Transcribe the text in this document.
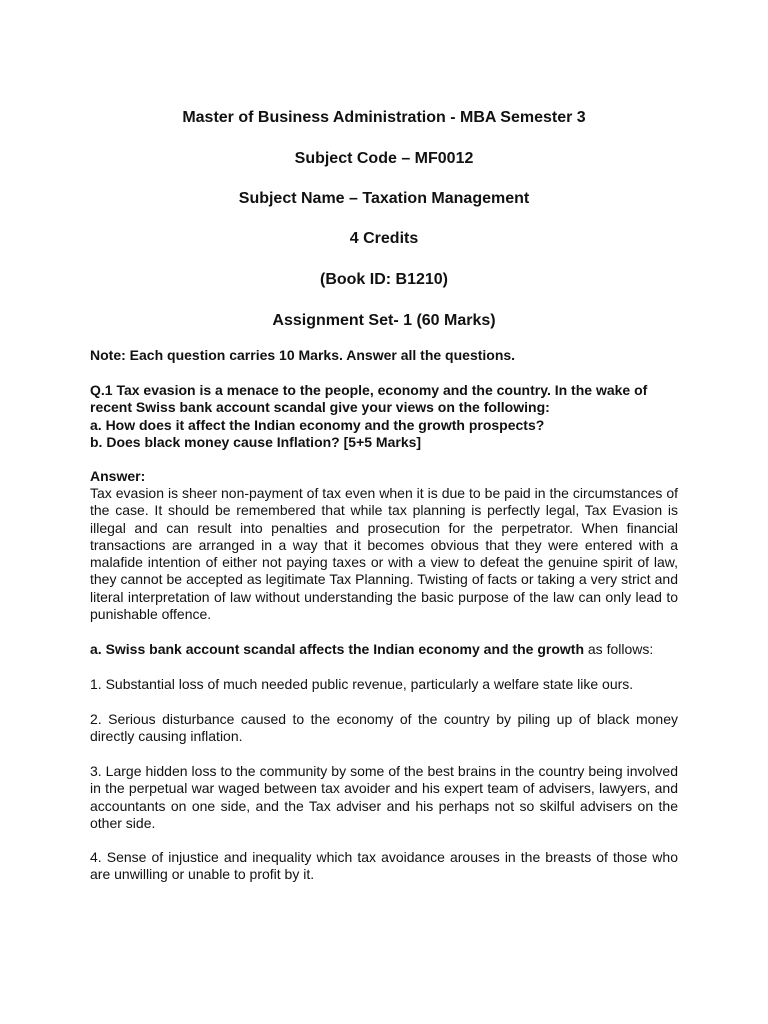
Master of Business Administration - MBA Semester 3

Subject Code – MF0012

Subject Name – Taxation Management

4 Credits

(Book ID: B1210)

Assignment Set- 1 (60 Marks)

Note: Each question carries 10 Marks. Answer all the questions.

Q.1 Tax evasion is a menace to the people, economy and the country. In the wake of recent Swiss bank account scandal give your views on the following:

a. How does it affect the Indian economy and the growth prospects?

b. Does black money cause Inflation? [5+5 Marks]

Answer:

Tax evasion is sheer non-payment of tax even when it is due to be paid in the circumstances of the case. It should be remembered that while tax planning is perfectly legal, Tax Evasion is illegal and can result into penalties and prosecution for the perpetrator. When financial transactions are arranged in a way that it becomes obvious that they were entered with a malafide intention of either not paying taxes or with a view to defeat the genuine spirit of law, they cannot be accepted as legitimate Tax Planning. Twisting of facts or taking a very strict and literal interpretation of law without understanding the basic purpose of the law can only lead to punishable offence.

a. Swiss bank account scandal affects the Indian economy and the growth as follows:

1. Substantial loss of much needed public revenue, particularly a welfare state like ours.

2. Serious disturbance caused to the economy of the country by piling up of black money directly causing inflation.

3. Large hidden loss to the community by some of the best brains in the country being involved in the perpetual war waged between tax avoider and his expert team of advisers, lawyers, and accountants on one side, and the Tax adviser and his perhaps not so skilful advisers on the other side.

4. Sense of injustice and inequality which tax avoidance arouses in the breasts of those who are unwilling or unable to profit by it.
